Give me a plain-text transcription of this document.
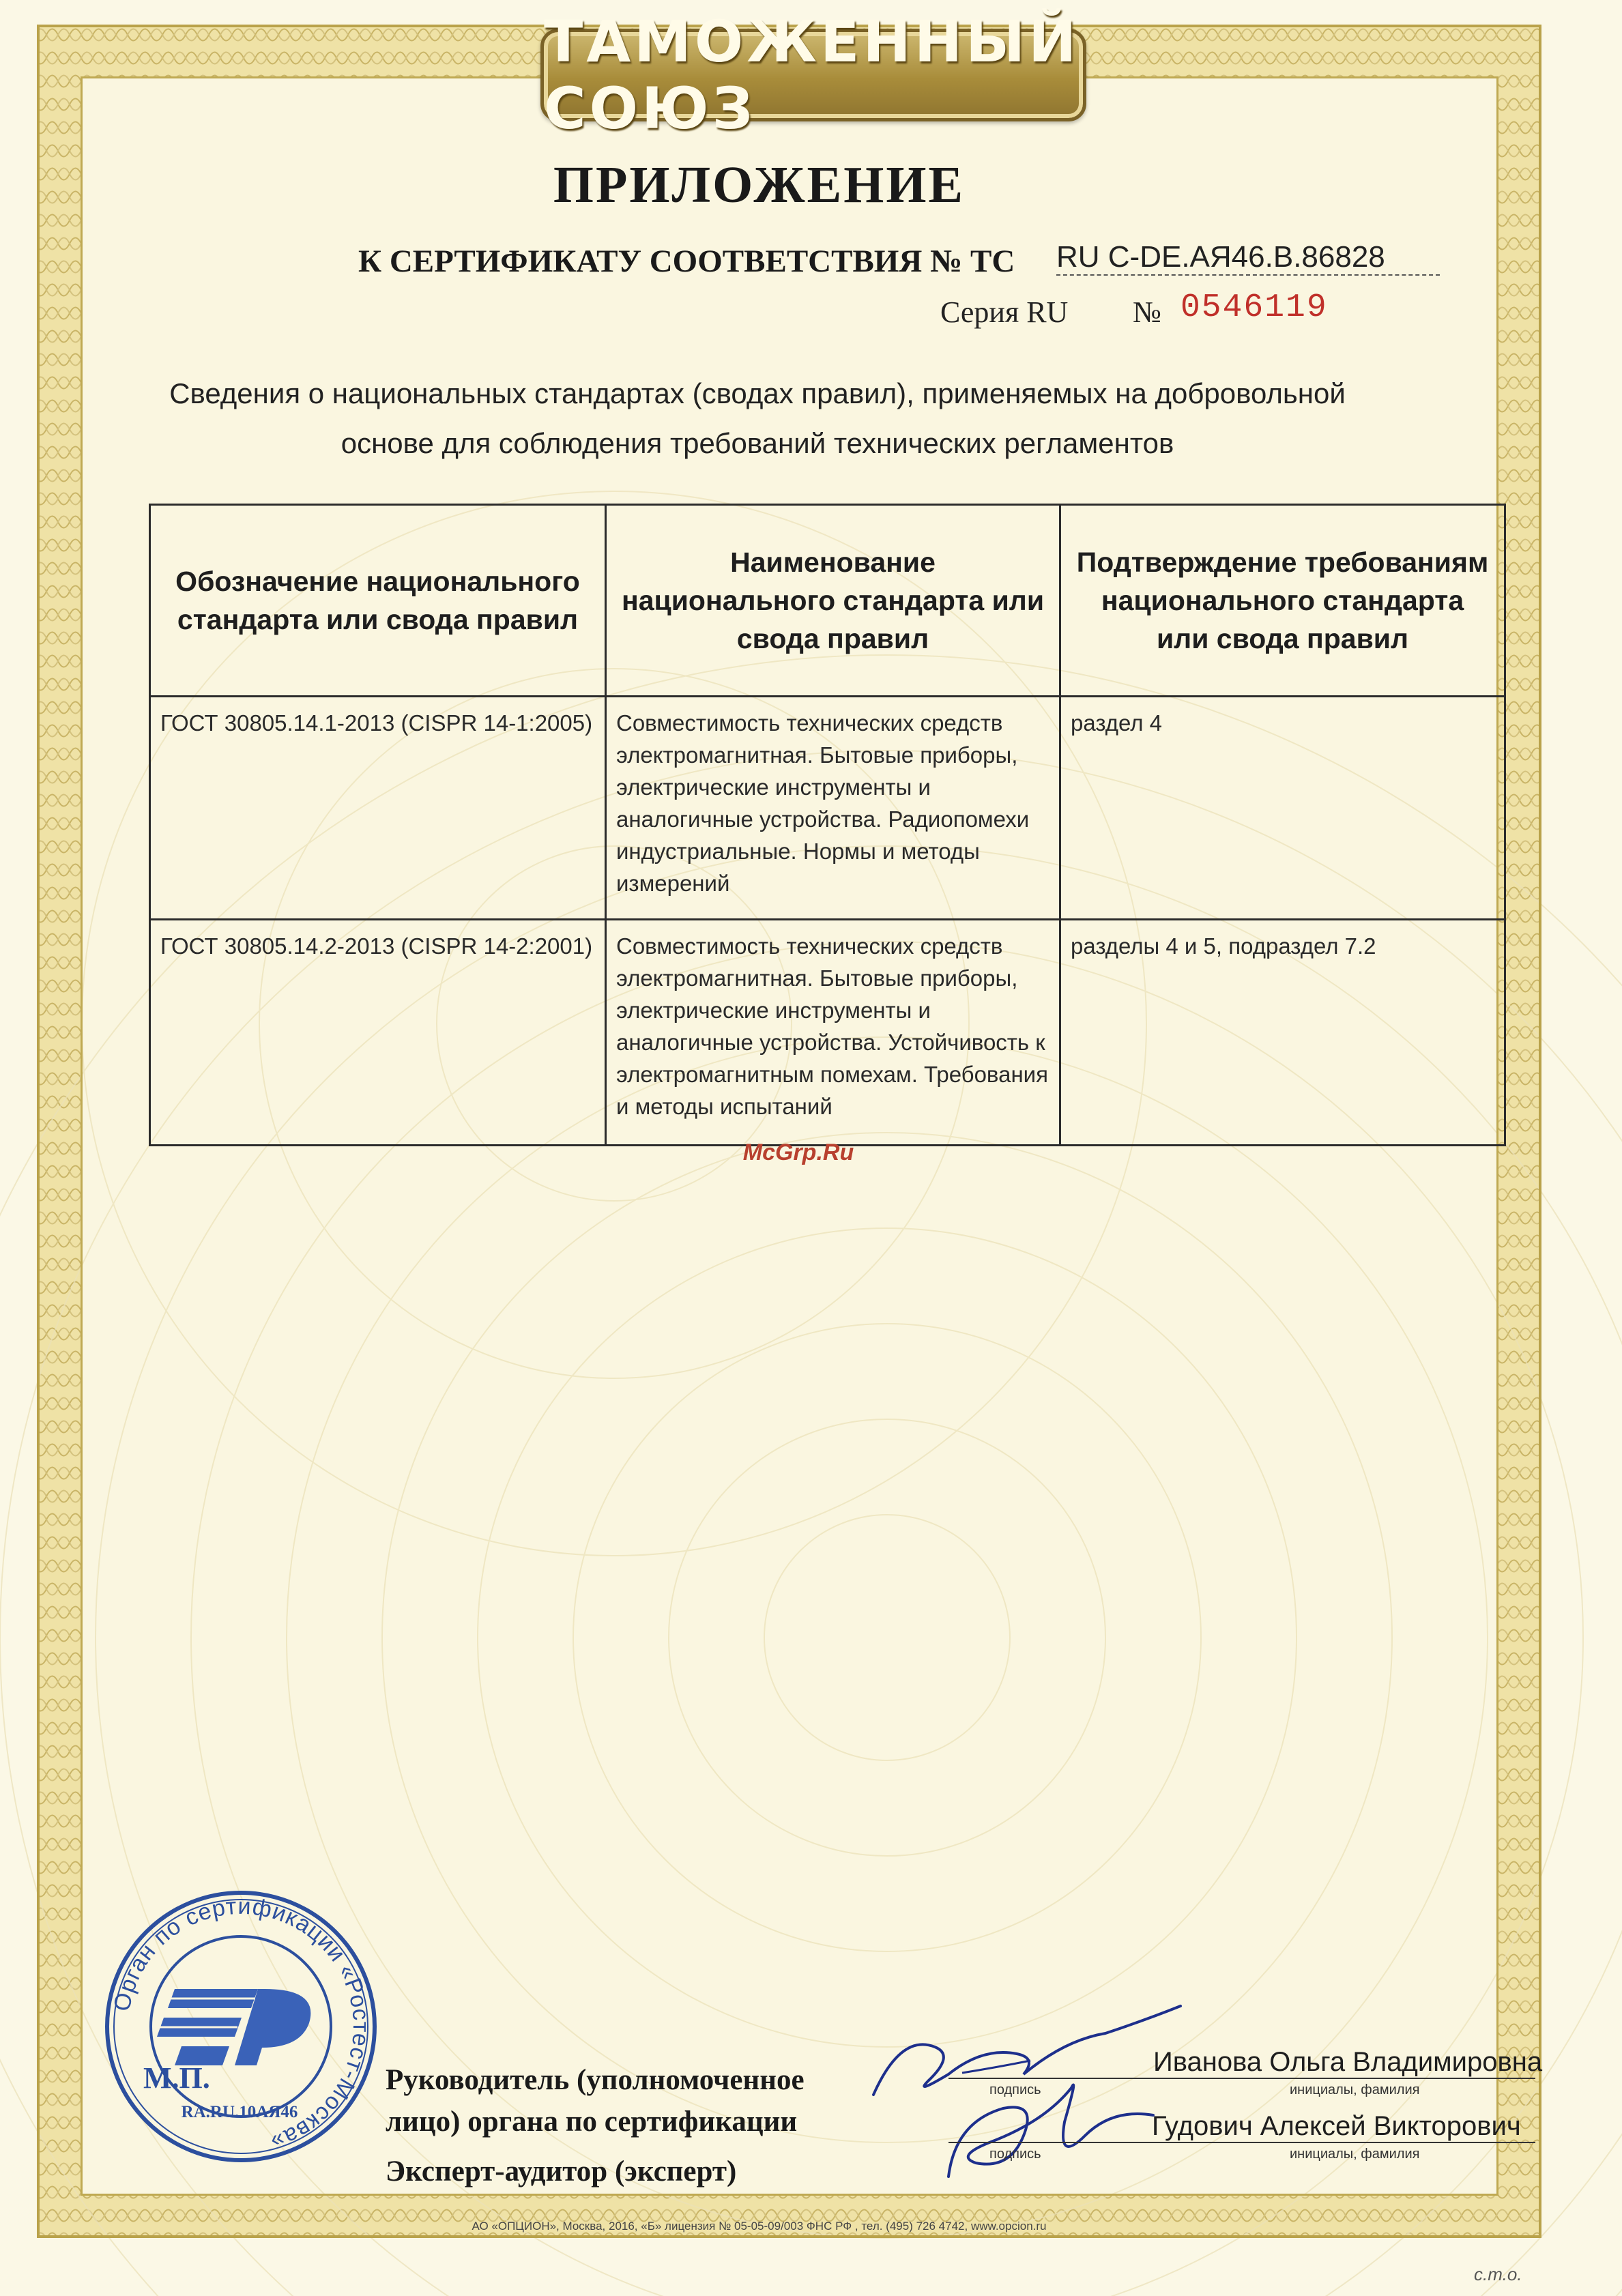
ТАМОЖЕННЫЙ СОЮЗ
ПРИЛОЖЕНИЕ
К СЕРТИФИКАТУ СООТВЕТСТВИЯ № ТС RU C-DE.АЯ46.В.86828
Серия RU № 0546119
Сведения о национальных стандартах (сводах правил), применяемых на добровольной
основе для соблюдения требований технических регламентов
Обозначение национального стандарта или свода правил	Наименование национального стандарта или свода правил	Подтверждение требованиям национального стандарта или свода правил
ГОСТ 30805.14.1-2013 (CISPR 14-1:2005)	Совместимость технических средств электромагнитная. Бытовые приборы, электрические инструменты и аналогичные устройства. Радиопомехи индустриальные. Нормы и методы измерений	раздел 4
ГОСТ 30805.14.2-2013 (CISPR 14-2:2001)	Совместимость технических средств электромагнитная. Бытовые приборы, электрические инструменты и аналогичные устройства. Устойчивость к электромагнитным помехам. Требования и методы испытаний	разделы 4 и 5, подраздел 7.2
McGrp.Ru
Орган по сертификации «Ростест-Москва»
М.П.
RA.RU.10АЯ46
Руководитель (уполномоченное лицо) органа по сертификации
Эксперт-аудитор (эксперт)
Иванова Ольга Владимировна
подпись	инициалы, фамилия
Гудович Алексей Викторович
подпись	инициалы, фамилия
АО «ОПЦИОН», Москва, 2016, «Б» лицензия № 05-05-09/003 ФНС РФ , тел. (495) 726 4742, www.opcion.ru
с.т.о.
